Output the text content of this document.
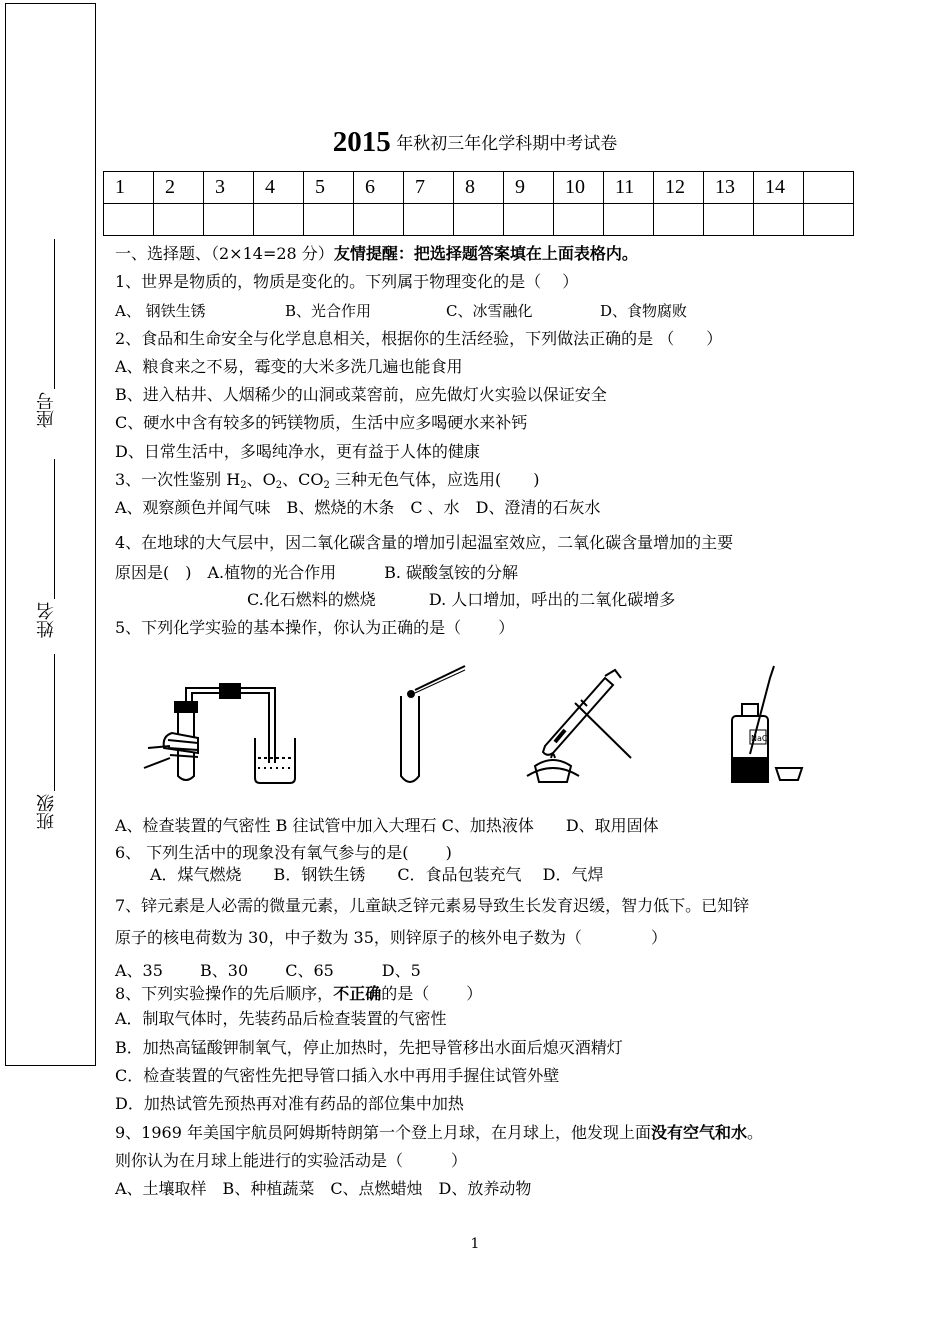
座号
姓名
班级
2015 年秋初三年化学科期中考试卷
1	2	3	4	5	6	7	8	9	10	11	12	13	14	

一、选择题、（2×14=28 分）友情提醒：把选择题答案填在上面表格内。
1、世界是物质的，物质是变化的。下列属于物理变化的是（　 ）
A、 钢铁生锈	B、光合作用	C、冰雪融化	D、食物腐败
2、食品和生命安全与化学息息相关，根据你的生活经验，下列做法正确的是 （　　）
A、粮食来之不易，霉变的大米多洗几遍也能食用
B、进入枯井、人烟稀少的山洞或菜窖前，应先做灯火实验以保证安全
C、硬水中含有较多的钙镁物质，生活中应多喝硬水来补钙
D、日常生活中，多喝纯净水，更有益于人体的健康
3、一次性鉴别 $H_2$、$O_2$、$CO_2$ 三种无色气体，应选用(　　)
A、观察颜色并闻气味　B、燃烧的木条　C 、水　D、澄清的石灰水
4、在地球的大气层中，因二氧化碳含量的增加引起温室效应，二氧化碳含量增加的主要
原因是(　)　A.植物的光合作用　　　B. 碳酸氢铵的分解
C.化石燃料的燃烧　　　 D. 人口增加，呼出的二氧化碳增多
5、下列化学实验的基本操作，你认为正确的是（　　 ）
NaCl
A、检查装置的气密性 B 往试管中加入大理石 C、加热液体　　D、取用固体
6、 下列生活中的现象没有氧气参与的是(　　 )
A．煤气燃烧　　B．钢铁生锈　　C．食品包装充气　 D．气焊
7、锌元素是人必需的微量元素，儿童缺乏锌元素易导致生长发育迟缓，智力低下。已知锌
原子的核电荷数为 30，中子数为 35，则锌原子的核外电子数为（　　　　 ）
A、35　　 B、30　　 C、65　　　D、5
8、下列实验操作的先后顺序，不正确的是（　　 ）
A．制取气体时，先装药品后检查装置的气密性
B．加热高锰酸钾制氧气，停止加热时，先把导管移出水面后熄灭酒精灯
C．检查装置的气密性先把导管口插入水中再用手握住试管外壁
D．加热试管先预热再对准有药品的部位集中加热
9、1969 年美国宇航员阿姆斯特朗第一个登上月球，在月球上，他发现上面没有空气和水。
则你认为在月球上能进行的实验活动是（　　　）
A、土壤取样　B、种植蔬菜　C、点燃蜡烛　D、放养动物
1
